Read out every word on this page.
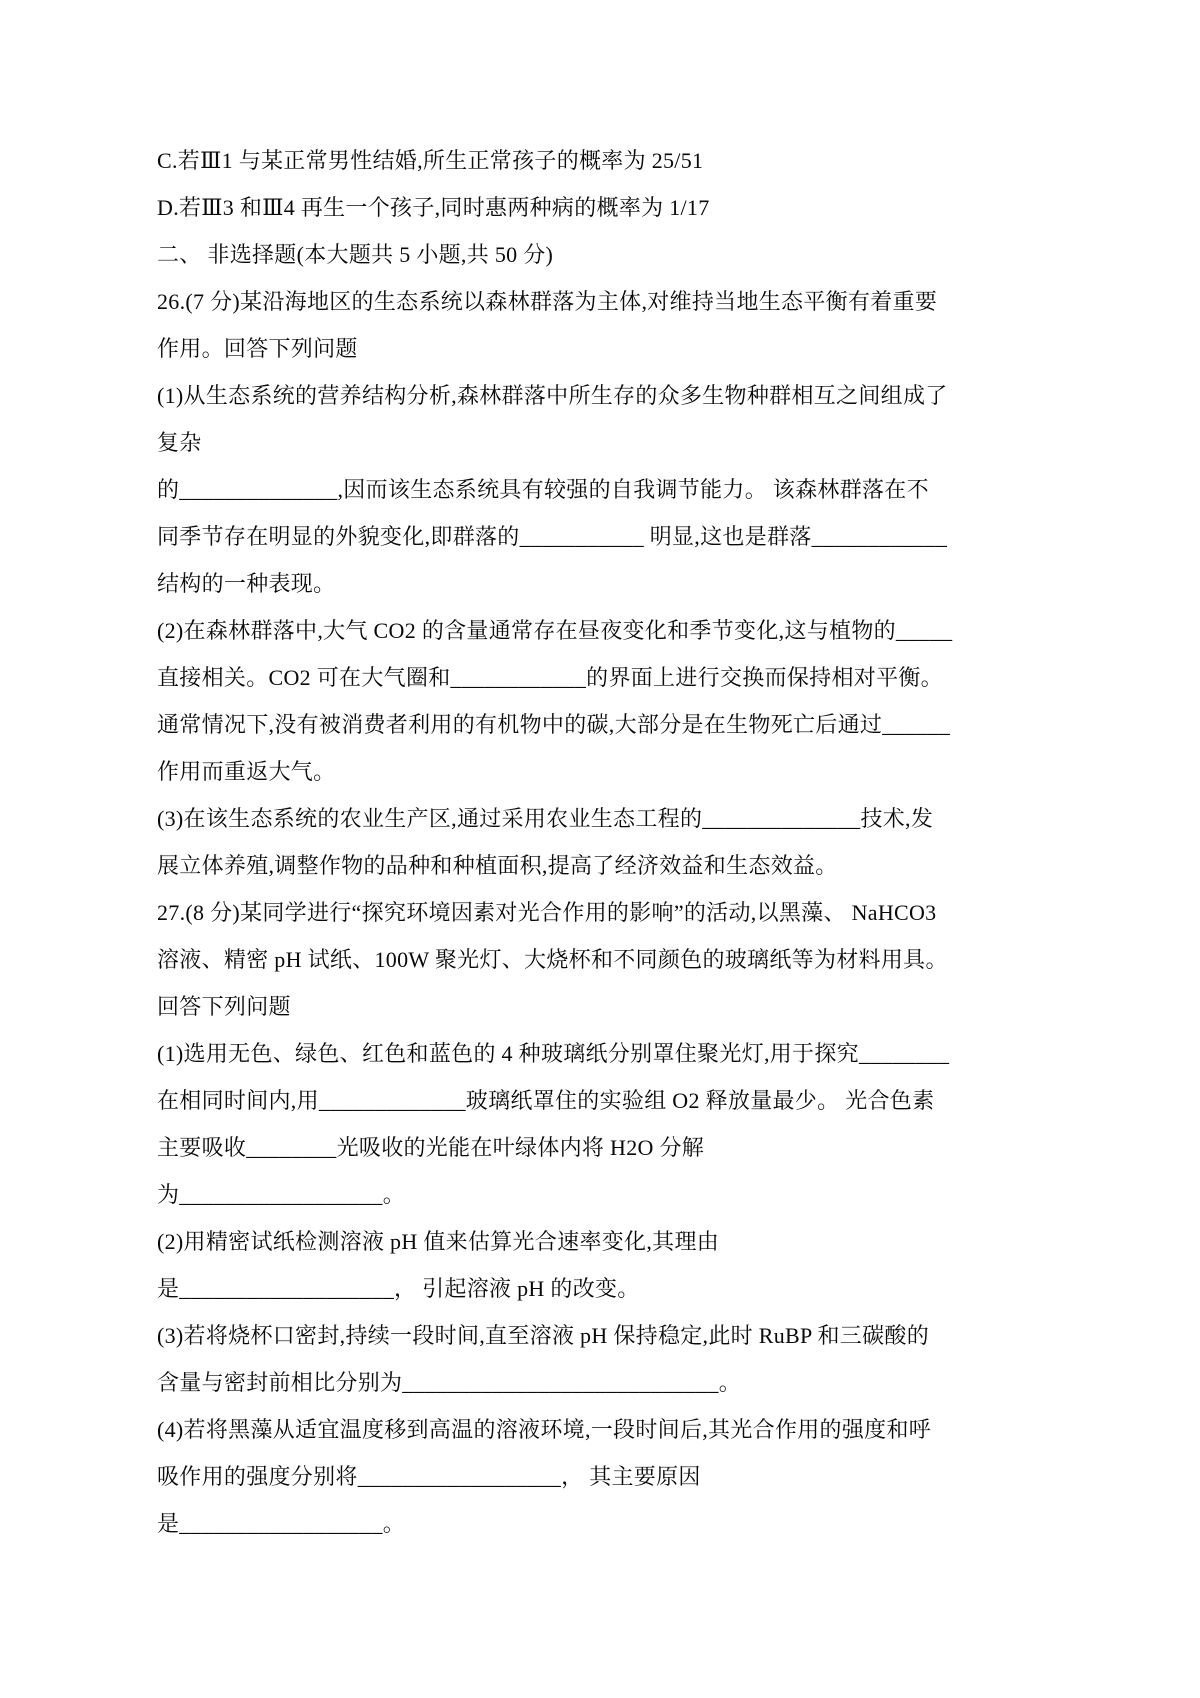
C.若Ⅲ1 与某正常男性结婚,所生正常孩子的概率为 25/51

D.若Ⅲ3 和Ⅲ4 再生一个孩子,同时惠两种病的概率为 1/17

二、 非选择题(本大题共 5 小题,共 50 分)

26.(7 分)某沿海地区的生态系统以森林群落为主体,对维持当地生态平衡有着重要

作用。回答下列问题

(1)从生态系统的营养结构分析,森林群落中所生存的众多生物种群相互之间组成了

复杂

的______________,因而该生态系统具有较强的自我调节能力。 该森林群落在不

同季节存在明显的外貌变化,即群落的___________ 明显,这也是群落____________

结构的一种表现。

(2)在森林群落中,大气 CO2 的含量通常存在昼夜变化和季节变化,这与植物的_____

直接相关。CO2 可在大气圈和____________的界面上进行交换而保持相对平衡。

通常情况下,没有被消费者利用的有机物中的碳,大部分是在生物死亡后通过______

作用而重返大气。

(3)在该生态系统的农业生产区,通过采用农业生态工程的______________技术,发

展立体养殖,调整作物的品种和种植面积,提高了经济效益和生态效益。

27.(8 分)某同学进行“探究环境因素对光合作用的影响”的活动,以黑藻、 NaHCO3

溶液、精密 pH 试纸、100W 聚光灯、大烧杯和不同颜色的玻璃纸等为材料用具。

回答下列问题

(1)选用无色、绿色、红色和蓝色的 4 种玻璃纸分别罩住聚光灯,用于探究________

在相同时间内,用_____________玻璃纸罩住的实验组 O2 释放量最少。 光合色素

主要吸收________光吸收的光能在叶绿体内将 H2O 分解

为__________________。

(2)用精密试纸检测溶液 pH 值来估算光合速率变化,其理由

是___________________， 引起溶液 pH 的改变。

(3)若将烧杯口密封,持续一段时间,直至溶液 pH 保持稳定,此时 RuBP 和三碳酸的

含量与密封前相比分别为____________________________。

(4)若将黑藻从适宜温度移到高温的溶液环境,一段时间后,其光合作用的强度和呼

吸作用的强度分别将__________________， 其主要原因

是__________________。
